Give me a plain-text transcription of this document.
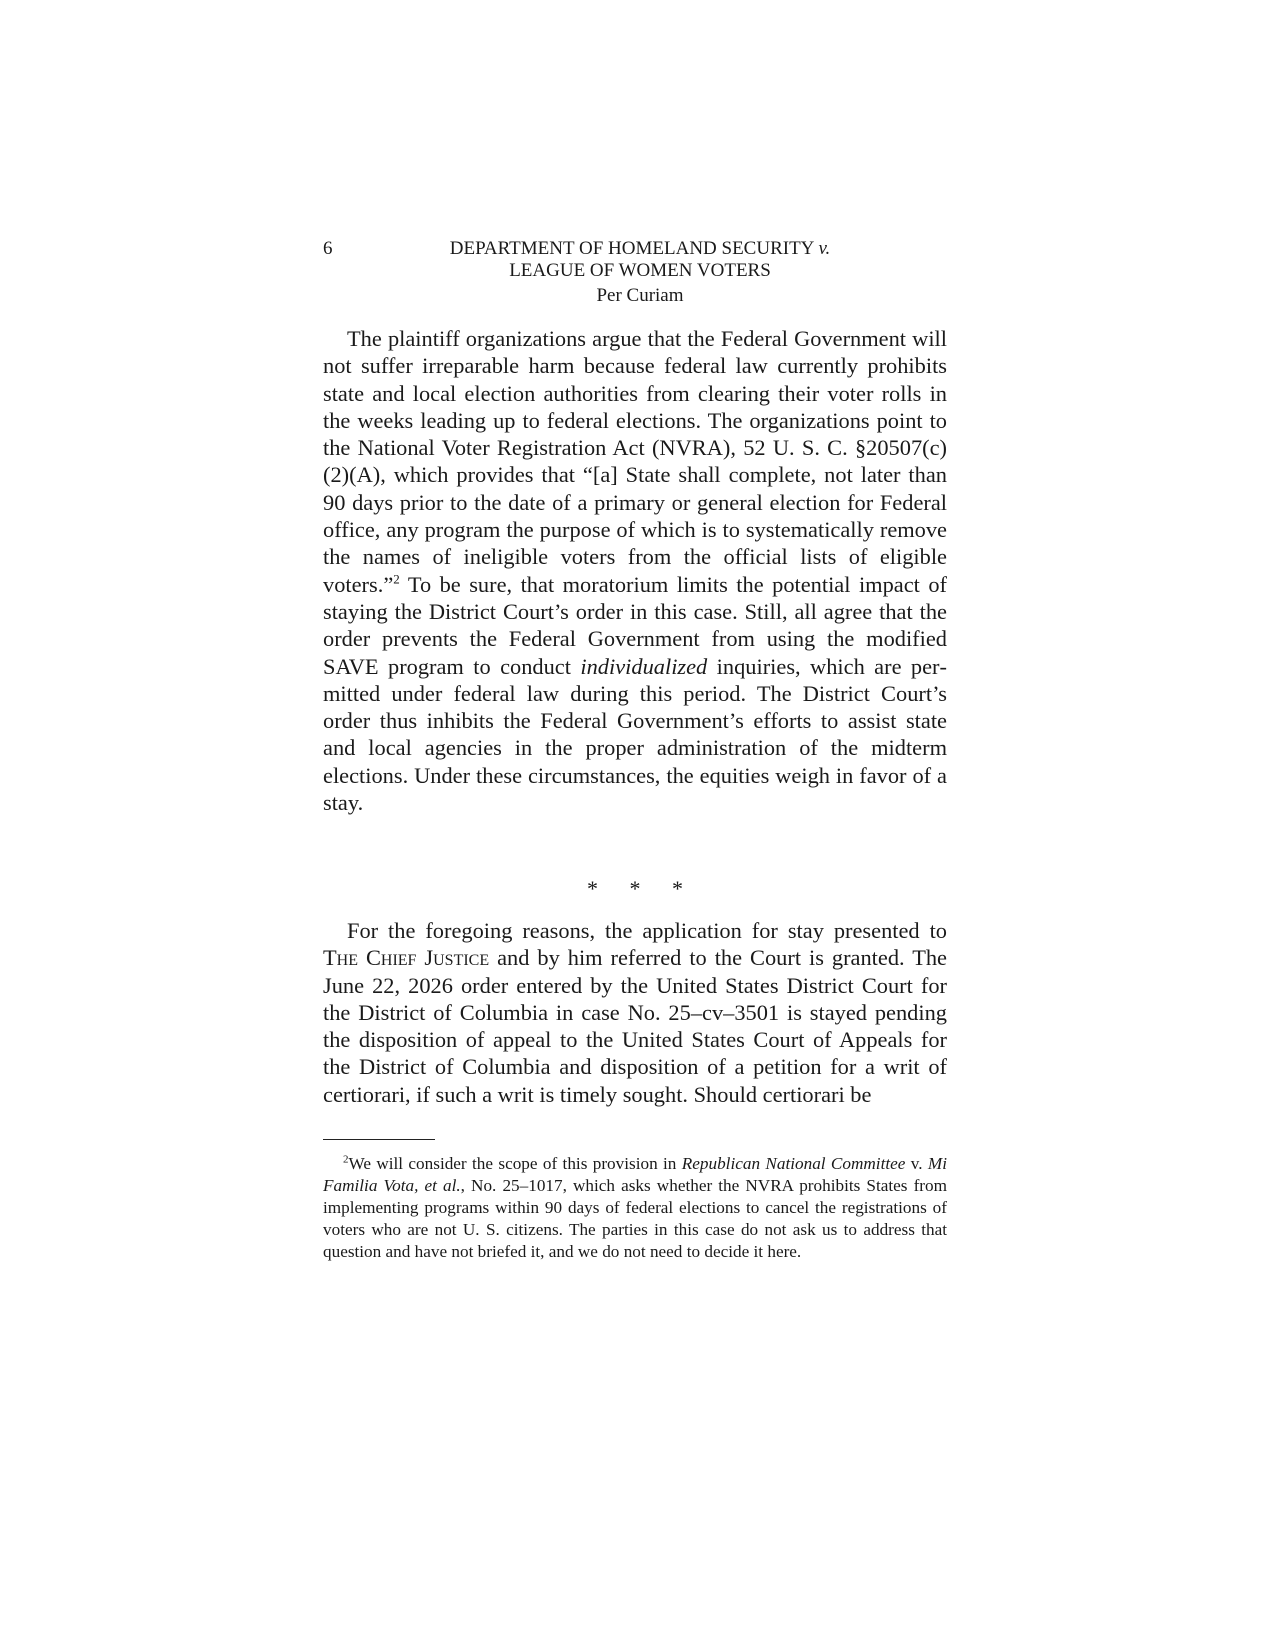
6	DEPARTMENT OF HOMELAND SECURITY v.
LEAGUE OF WOMEN VOTERS
Per Curiam

The plaintiff organizations argue that the Federal Government will not suffer irreparable harm because federal law currently prohibits state and local election authorities from clearing their voter rolls in the weeks leading up to federal elections. The organizations point to the National Voter Registration Act (NVRA), 52 U. S. C. §20507(c)(2)(A), which provides that “[a] State shall complete, not later than 90 days prior to the date of a primary or general election for Federal office, any program the purpose of which is to systematically remove the names of ineligible voters from the official lists of eligible voters.”$^2$ To be sure, that moratorium limits the potential impact of staying the District Court’s order in this case. Still, all agree that the order prevents the Federal Government from using the modified SAVE program to conduct individualized inquiries, which are permitted under federal law during this period. The District Court’s order thus inhibits the Federal Government’s efforts to assist state and local agencies in the proper administration of the midterm elections. Under these circumstances, the equities weigh in favor of a stay.

* * *

For the foregoing reasons, the application for stay presented to The Chief Justice and by him referred to the Court is granted. The June 22, 2026 order entered by the United States District Court for the District of Columbia in case No. 25–cv–3501 is stayed pending the disposition of appeal to the United States Court of Appeals for the District of Columbia and disposition of a petition for a writ of certiorari, if such a writ is timely sought. Should certiorari be

$^2$We will consider the scope of this provision in Republican National Committee v. Mi Familia Vota, et al., No. 25–1017, which asks whether the NVRA prohibits States from implementing programs within 90 days of federal elections to cancel the registrations of voters who are not U. S. citizens. The parties in this case do not ask us to address that question and have not briefed it, and we do not need to decide it here.
